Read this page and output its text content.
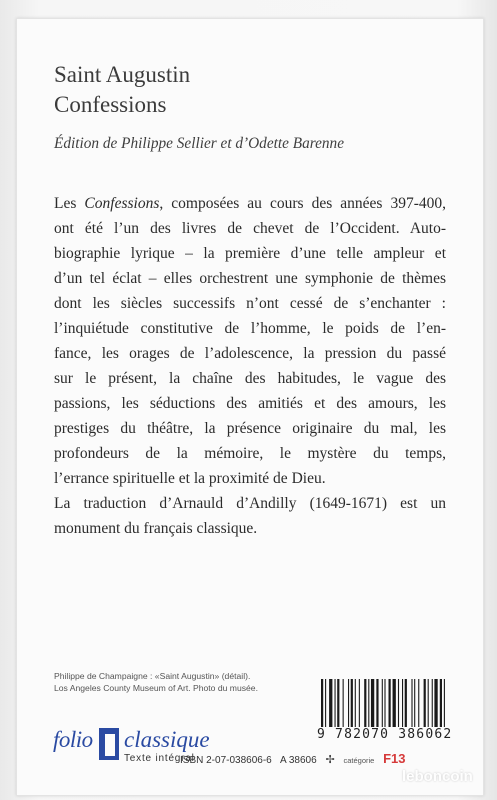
Saint Augustin
Confessions
Édition de Philippe Sellier et d’Odette Barenne
Les Confessions, composées au cours des années 397-400,
ont été l’un des livres de chevet de l’Occident. Auto-
biographie lyrique – la première d’une telle ampleur et
d’un tel éclat – elles orchestrent une symphonie de thèmes
dont les siècles successifs n’ont cessé de s’enchanter :
l’inquiétude constitutive de l’homme, le poids de l’en-
fance, les orages de l’adolescence, la pression du passé
sur le présent, la chaîne des habitudes, le vague des
passions, les séductions des amitiés et des amours, les
prestiges du théâtre, la présence originaire du mal, les
profondeurs de la mémoire, le mystère du temps,
l’errance spirituelle et la proximité de Dieu.
La traduction d’Arnauld d’Andilly (1649-1671) est un
monument du français classique.
Philippe de Champaigne : «Saint Augustin» (détail).
Los Angeles County Museum of Art. Photo du musée.
folio classique
Texte intégral
9 782070 386062
ISBN 2-07-038606-6 A 38606 ✢ catégorie F13
leboncoin
